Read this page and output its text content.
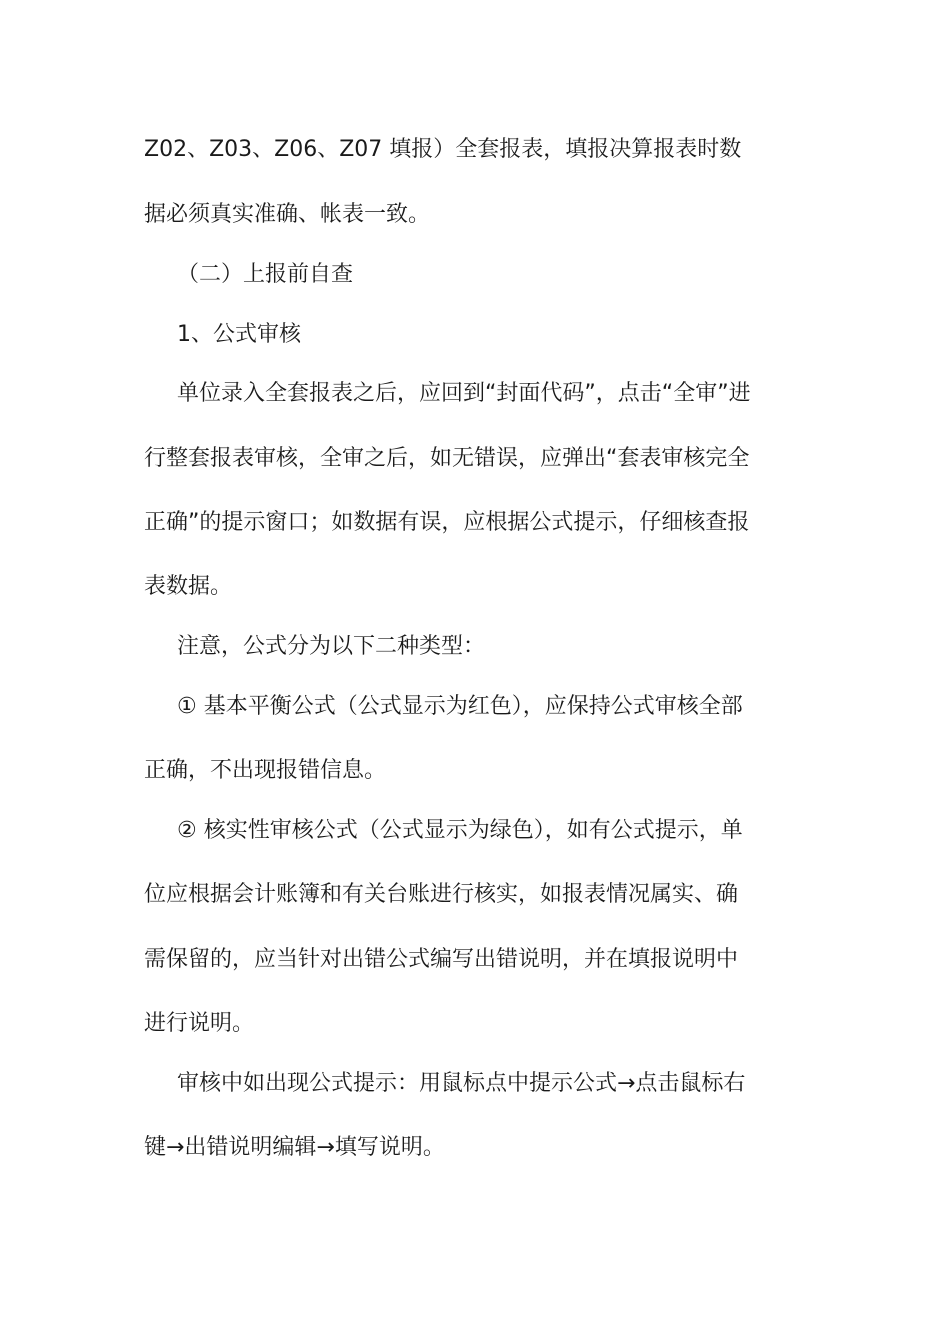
Z02、Z03、Z06、Z07 填报）全套报表，填报决算报表时数
据必须真实准确、帐表一致。
（二）上报前自查
1、公式审核
单位录入全套报表之后，应回到“封面代码”，点击“全审”进
行整套报表审核，全审之后，如无错误，应弹出“套表审核完全
正确”的提示窗口；如数据有误，应根据公式提示，仔细核查报
表数据。
注意，公式分为以下二种类型：
① 基本平衡公式（公式显示为红色），应保持公式审核全部
正确，不出现报错信息。
② 核实性审核公式（公式显示为绿色），如有公式提示，单
位应根据会计账簿和有关台账进行核实，如报表情况属实、确
需保留的，应当针对出错公式编写出错说明，并在填报说明中
进行说明。
审核中如出现公式提示：用鼠标点中提示公式→点击鼠标右
键→出错说明编辑→填写说明。
